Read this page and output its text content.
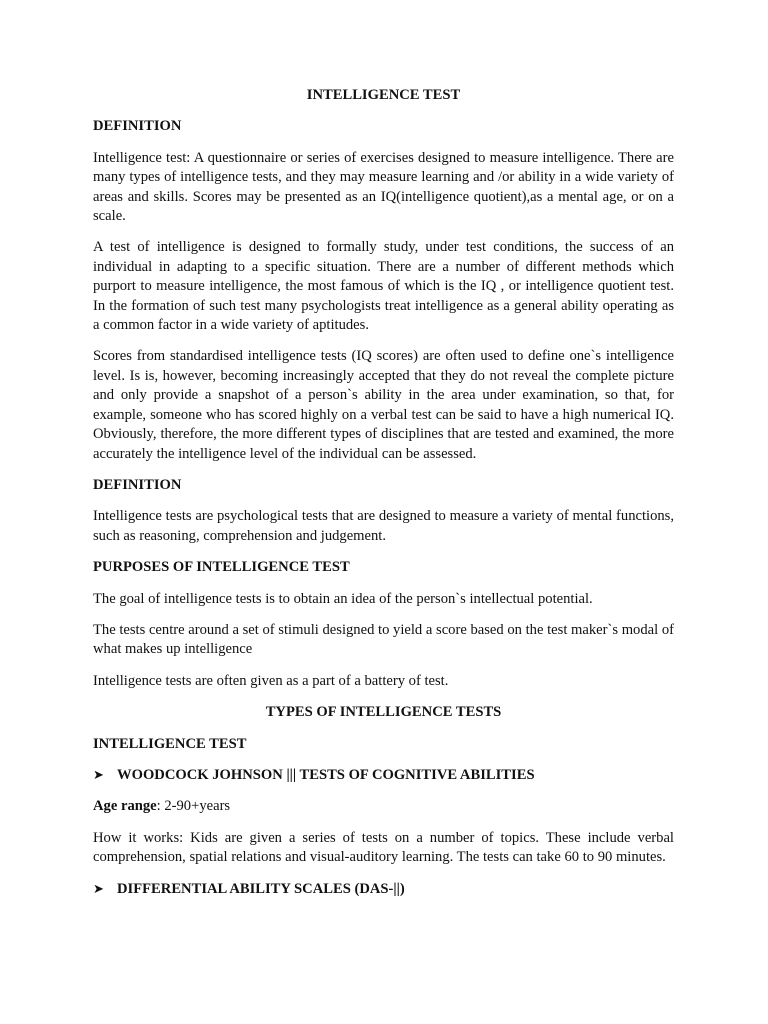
INTELLIGENCE TEST
DEFINITION

Intelligence test: A questionnaire or series of exercises designed to measure intelligence. There are many types of intelligence tests, and they may measure learning and /or ability in a wide variety of areas and skills. Scores may be presented as an IQ(intelligence quotient),as a mental age, or on a scale.

A test of intelligence is designed to formally study, under test conditions, the success of an individual in adapting to a specific situation. There are a number of different methods which purport to measure intelligence, the most famous of which is the IQ , or intelligence quotient test. In the formation of such test many psychologists treat intelligence as a general ability operating as a common factor in a wide variety of aptitudes.

Scores from standardised intelligence tests (IQ scores) are often used to define one`s intelligence level. Is is, however, becoming increasingly accepted that they do not reveal the complete picture and only provide a snapshot of a person`s ability in the area under examination, so that, for example, someone who has scored highly on a verbal test can be said to have a high numerical IQ. Obviously, therefore, the more different types of disciplines that are tested and examined, the more accurately the intelligence level of the individual can be assessed.

DEFINITION

Intelligence tests are psychological tests that are designed to measure a variety of mental functions, such as reasoning, comprehension and judgement.

PURPOSES OF INTELLIGENCE TEST

The goal of intelligence tests is to obtain an idea of the person`s intellectual potential.

The tests centre around a set of stimuli designed to yield a score based on the test maker`s modal of what makes up intelligence

Intelligence tests are often given as a part of a battery of test.

TYPES OF INTELLIGENCE TESTS
INTELLIGENCE TEST
➤ WOODCOCK JOHNSON ||| TESTS OF COGNITIVE ABILITIES

Age range: 2-90+years

How it works: Kids are given a series of tests on a number of topics. These include verbal comprehension, spatial relations and visual-auditory learning. The tests can take 60 to 90 minutes.

➤ DIFFERENTIAL ABILITY SCALES (DAS-||)
